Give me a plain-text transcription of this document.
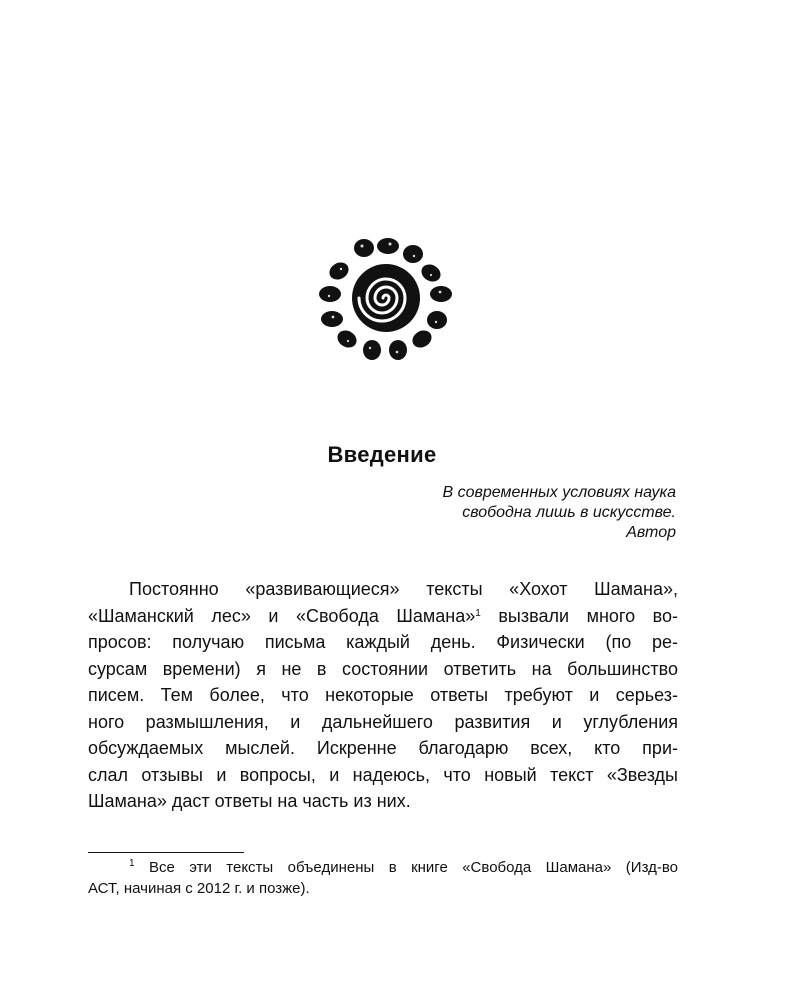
Введение
В современных условиях наука
свободна лишь в искусстве.
Автор
Постоянно «развивающиеся» тексты «Хохот Шамана»,
«Шаманский лес» и «Свобода Шамана»$^1$ вызвали много во-
просов: получаю письма каждый день. Физически (по ре-
сурсам времени) я не в состоянии ответить на большинство
писем. Тем более, что некоторые ответы требуют и серьез-
ного размышления, и дальнейшего развития и углубления
обсуждаемых мыслей. Искренне благодарю всех, кто при-
слал отзывы и вопросы, и надеюсь, что новый текст «Звезды
Шамана» даст ответы на часть из них.
$^1$ Все эти тексты объединены в книге «Свобода Шамана» (Изд-во
АСТ, начиная с 2012 г. и позже).
